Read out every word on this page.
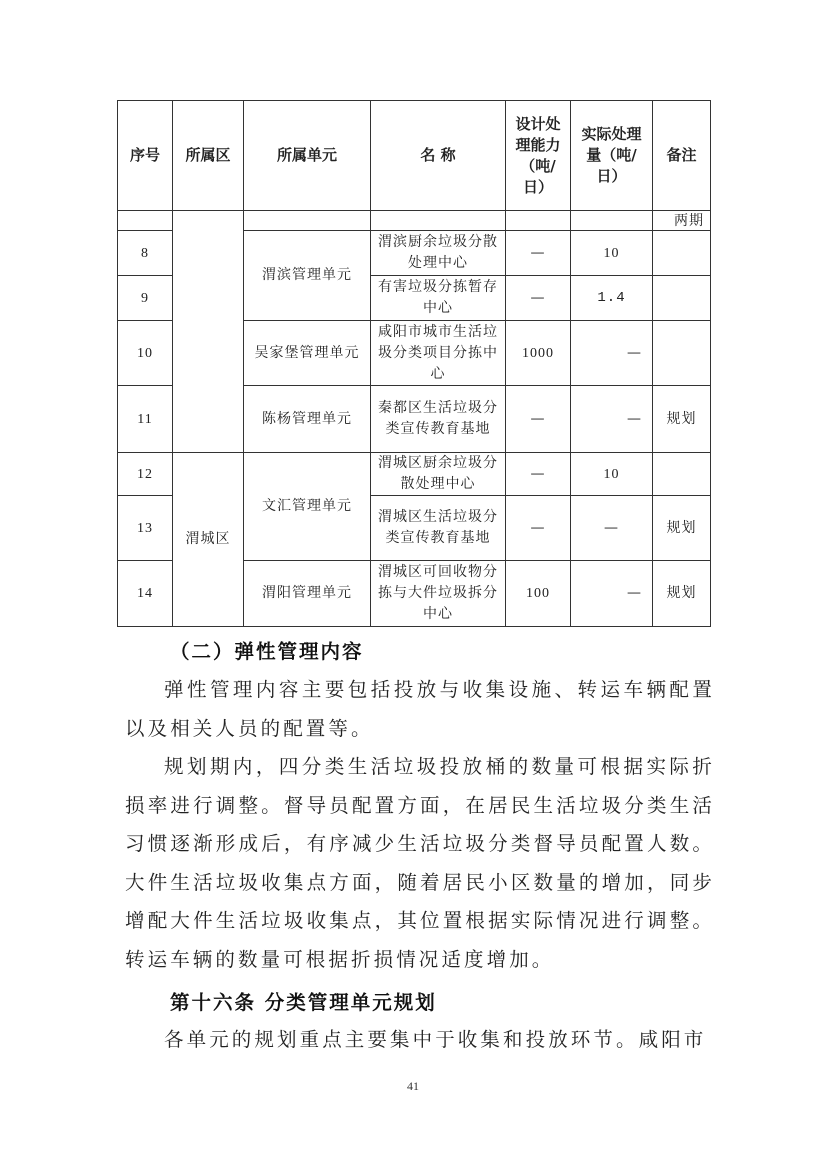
序号	所属区	所属单元	名 称	设计处理能力（吨/日）	实际处理量（吨/日）	备注
						两期
8		渭滨管理单元	渭滨厨余垃圾分散处理中心	—	10	
9			有害垃圾分拣暂存中心	—	1.4	
10		吴家堡管理单元	咸阳市城市生活垃圾分类项目分拣中心	1000	—	
11		陈杨管理单元	秦都区生活垃圾分类宣传教育基地	—	—	规划
12	渭城区	文汇管理单元	渭城区厨余垃圾分散处理中心	—	10	
13			渭城区生活垃圾分类宣传教育基地	—	—	规划
14		渭阳管理单元	渭城区可回收物分拣与大件垃圾拆分中心	100	—	规划
（二）弹性管理内容

弹性管理内容主要包括投放与收集设施、转运车辆配置以及相关人员的配置等。

规划期内，四分类生活垃圾投放桶的数量可根据实际折损率进行调整。督导员配置方面，在居民生活垃圾分类生活习惯逐渐形成后，有序减少生活垃圾分类督导员配置人数。大件生活垃圾收集点方面，随着居民小区数量的增加，同步增配大件生活垃圾收集点，其位置根据实际情况进行调整。转运车辆的数量可根据折损情况适度增加。

第十六条 分类管理单元规划

各单元的规划重点主要集中于收集和投放环节。咸阳市

41
